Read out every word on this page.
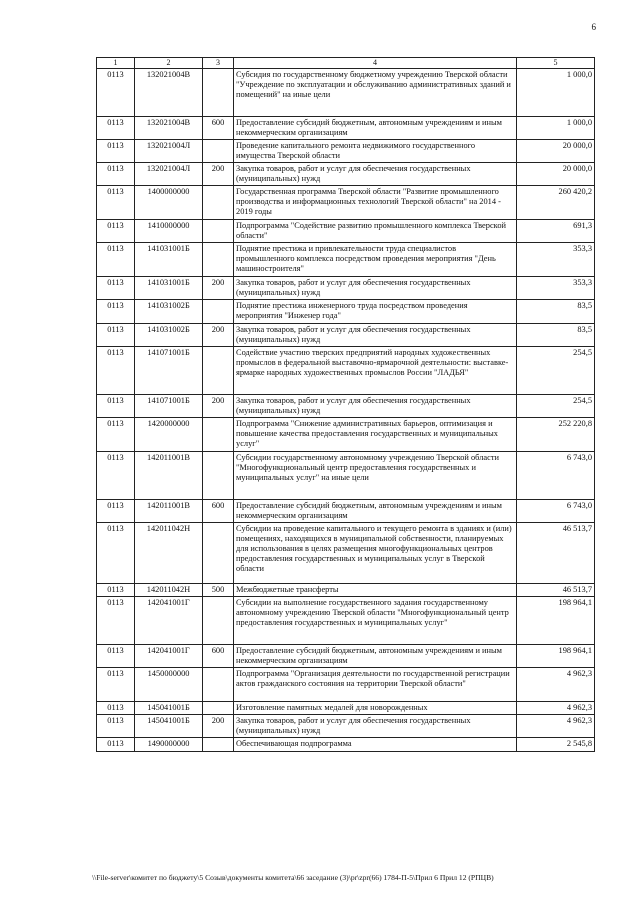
6
1	2	3	4	5
0113	132021004В		Субсидия по государственному бюджетному учреждению Тверской области "Учреждение по эксплуатации и обслуживанию административных зданий и помещений" на иные цели	1 000,0
0113	132021004В	600	Предоставление субсидий бюджетным, автономным учреждениям и иным некоммерческим организациям	1 000,0
0113	132021004Л		Проведение капитального ремонта недвижимого государственного имущества Тверской области	20 000,0
0113	132021004Л	200	Закупка товаров, работ и услуг для обеспечения государственных (муниципальных) нужд	20 000,0
0113	1400000000		Государственная программа Тверской области "Развитие промышленного производства и информационных технологий Тверской области" на 2014 - 2019 годы	260 420,2
0113	1410000000		Подпрограмма "Содействие развитию промышленного комплекса Тверской области"	691,3
0113	141031001Б		Поднятие престижа и привлекательности труда специалистов промышленного комплекса посредством проведения мероприятия "День машиностроителя"	353,3
0113	141031001Б	200	Закупка товаров, работ и услуг для обеспечения государственных (муниципальных) нужд	353,3
0113	141031002Б		Поднятие престижа инженерного труда посредством проведения мероприятия "Инженер года"	83,5
0113	141031002Б	200	Закупка товаров, работ и услуг для обеспечения государственных (муниципальных) нужд	83,5
0113	141071001Б		Содействие участию тверских предприятий народных художественных промыслов в федеральной выставочно-ярмарочной деятельности: выставке-ярмарке народных художественных промыслов России "ЛАДЬЯ"	254,5
0113	141071001Б	200	Закупка товаров, работ и услуг для обеспечения государственных (муниципальных) нужд	254,5
0113	1420000000		Подпрограмма "Снижение административных барьеров, оптимизация и повышение качества предоставления государственных и муниципальных услуг"	252 220,8
0113	142011001В		Субсидии государственному автономному учреждению Тверской области "Многофункциональный центр предоставления государственных и муниципальных услуг" на иные цели	6 743,0
0113	142011001В	600	Предоставление субсидий бюджетным, автономным учреждениям и иным некоммерческим организациям	6 743,0
0113	142011042Н		Субсидии на проведение капитального и текущего ремонта в зданиях и (или) помещениях, находящихся в муниципальной собственности, планируемых для использования в целях размещения многофункциональных центров предоставления государственных и муниципальных услуг в Тверской области	46 513,7
0113	142011042Н	500	Межбюджетные трансферты	46 513,7
0113	142041001Г		Субсидии на выполнение государственного задания государственному автономному учреждению Тверской области "Многофункциональный центр предоставления государственных и муниципальных услуг"	198 964,1
0113	142041001Г	600	Предоставление субсидий бюджетным, автономным учреждениям и иным некоммерческим организациям	198 964,1
0113	1450000000		Подпрограмма "Организация деятельности по государственной регистрации актов гражданского состояния на территории Тверской области"	4 962,3
0113	145041001Б		Изготовление памятных медалей для новорожденных	4 962,3
0113	145041001Б	200	Закупка товаров, работ и услуг для обеспечения государственных (муниципальных) нужд	4 962,3
0113	1490000000		Обеспечивающая подпрограмма	2 545,8
\\File-server\комитет по бюджету\5 Созыв\документы комитета\66 заседание (3)\pr\zpr(66) 1784-П-5\Прил 6 Прил 12 (РПЦВ)
